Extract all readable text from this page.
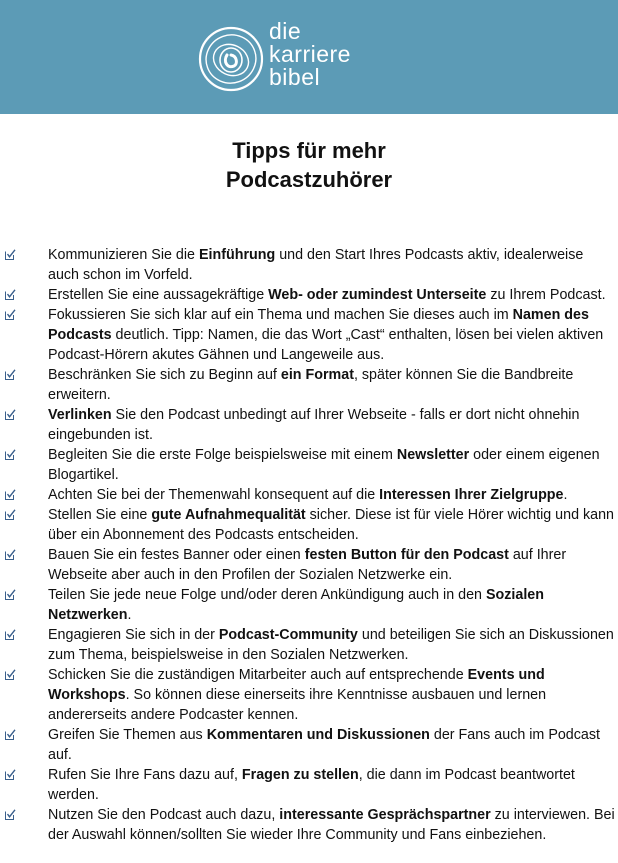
die
karriere
bibel
Tipps für mehr
Podcastzuhörer
Kommunizieren Sie die Einführung und den Start Ihres Podcasts aktiv, idealerweise auch schon im Vorfeld.
Erstellen Sie eine aussagekräftige Web- oder zumindest Unterseite zu Ihrem Podcast.
Fokussieren Sie sich klar auf ein Thema und machen Sie dieses auch im Namen des Podcasts deutlich. Tipp: Namen, die das Wort „Cast“ enthalten, lösen bei vielen aktiven Podcast-Hörern akutes Gähnen und Langeweile aus.
Beschränken Sie sich zu Beginn auf ein Format, später können Sie die Bandbreite erweitern.
Verlinken Sie den Podcast unbedingt auf Ihrer Webseite - falls er dort nicht ohnehin eingebunden ist.
Begleiten Sie die erste Folge beispielsweise mit einem Newsletter oder einem eigenen Blogartikel.
Achten Sie bei der Themenwahl konsequent auf die Interessen Ihrer Zielgruppe.
Stellen Sie eine gute Aufnahmequalität sicher. Diese ist für viele Hörer wichtig und kann über ein Abonnement des Podcasts entscheiden.
Bauen Sie ein festes Banner oder einen festen Button für den Podcast auf Ihrer Webseite aber auch in den Profilen der Sozialen Netzwerke ein.
Teilen Sie jede neue Folge und/oder deren Ankündigung auch in den Sozialen Netzwerken.
Engagieren Sie sich in der Podcast-Community und beteiligen Sie sich an Diskussionen zum Thema, beispielsweise in den Sozialen Netzwerken.
Schicken Sie die zuständigen Mitarbeiter auch auf entsprechende Events und Workshops. So können diese einerseits ihre Kenntnisse ausbauen und lernen andererseits andere Podcaster kennen.
Greifen Sie Themen aus Kommentaren und Diskussionen der Fans auch im Podcast auf.
Rufen Sie Ihre Fans dazu auf, Fragen zu stellen, die dann im Podcast beantwortet werden.
Nutzen Sie den Podcast auch dazu, interessante Gesprächspartner zu interviewen. Bei der Auswahl können/sollten Sie wieder Ihre Community und Fans einbeziehen.
